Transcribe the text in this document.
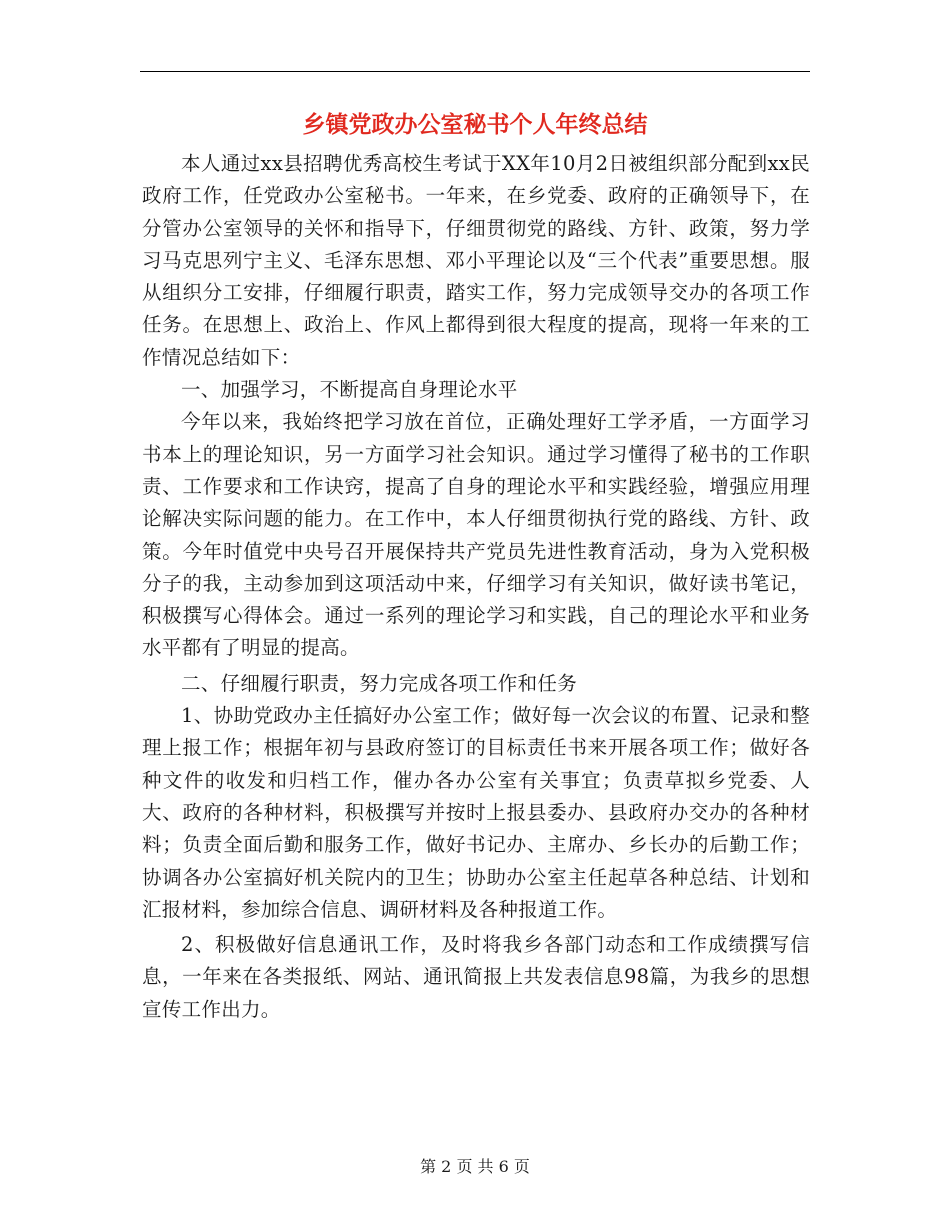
乡镇党政办公室秘书个人年终总结

本人通过xx县招聘优秀高校生考试于XX年10月2日被组织部分配到xx民政府工作，任党政办公室秘书。一年来，在乡党委、政府的正确领导下，在分管办公室领导的关怀和指导下，仔细贯彻党的路线、方针、政策，努力学习马克思列宁主义、毛泽东思想、邓小平理论以及“三个代表”重要思想。服从组织分工安排，仔细履行职责，踏实工作，努力完成领导交办的各项工作任务。在思想上、政治上、作风上都得到很大程度的提高，现将一年来的工作情况总结如下：

一、加强学习，不断提高自身理论水平

今年以来，我始终把学习放在首位，正确处理好工学矛盾，一方面学习书本上的理论知识，另一方面学习社会知识。通过学习懂得了秘书的工作职责、工作要求和工作诀窍，提高了自身的理论水平和实践经验，增强应用理论解决实际问题的能力。在工作中，本人仔细贯彻执行党的路线、方针、政策。今年时值党中央号召开展保持共产党员先进性教育活动，身为入党积极分子的我，主动参加到这项活动中来，仔细学习有关知识，做好读书笔记，积极撰写心得体会。通过一系列的理论学习和实践，自己的理论水平和业务水平都有了明显的提高。

二、仔细履行职责，努力完成各项工作和任务

1、协助党政办主任搞好办公室工作；做好每一次会议的布置、记录和整理上报工作；根据年初与县政府签订的目标责任书来开展各项工作；做好各种文件的收发和归档工作，催办各办公室有关事宜；负责草拟乡党委、人大、政府的各种材料，积极撰写并按时上报县委办、县政府办交办的各种材料；负责全面后勤和服务工作，做好书记办、主席办、乡长办的后勤工作；协调各办公室搞好机关院内的卫生；协助办公室主任起草各种总结、计划和汇报材料，参加综合信息、调研材料及各种报道工作。

2、积极做好信息通讯工作，及时将我乡各部门动态和工作成绩撰写信息，一年来在各类报纸、网站、通讯简报上共发表信息98篇，为我乡的思想宣传工作出力。

第 2 页 共 6 页
